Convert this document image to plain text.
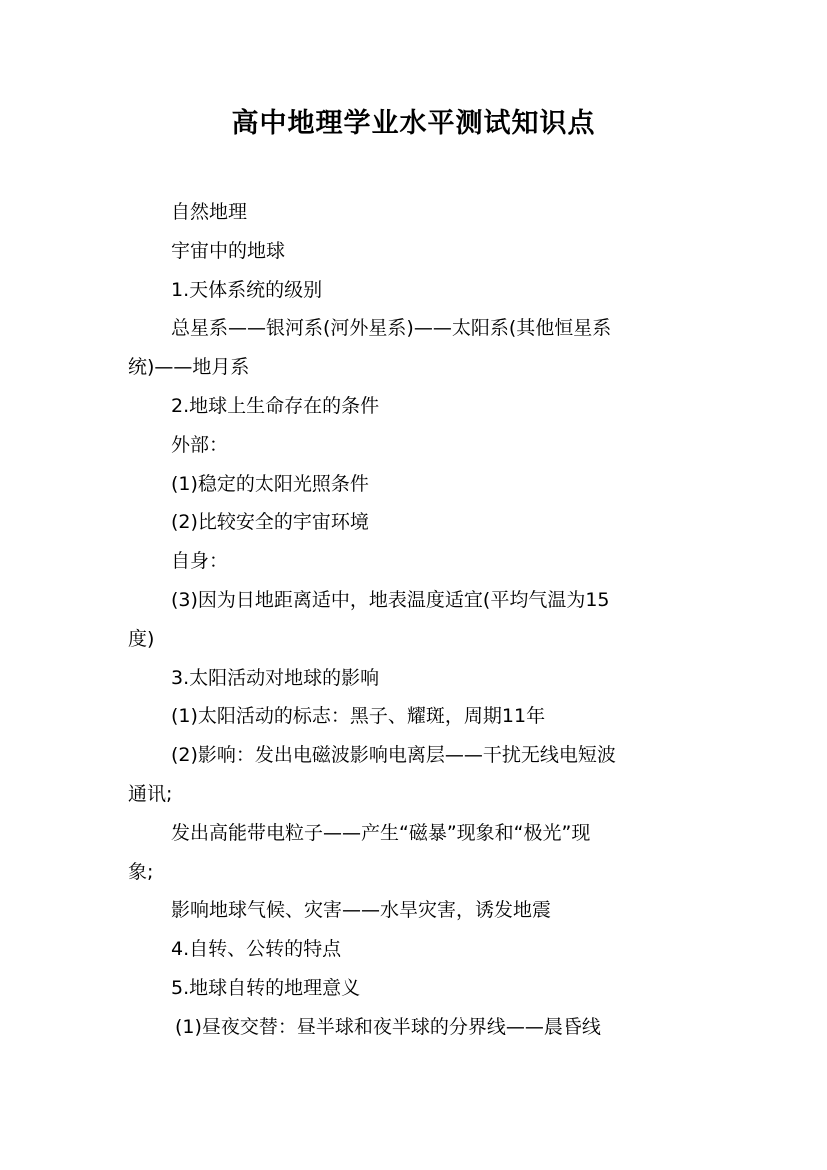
高中地理学业水平测试知识点

自然地理

宇宙中的地球

1.天体系统的级别

总星系——银河系(河外星系)——太阳系(其他恒星系

统)——地月系

2.地球上生命存在的条件

外部：

(1)稳定的太阳光照条件

(2)比较安全的宇宙环境

自身：

(3)因为日地距离适中，地表温度适宜(平均气温为15

度)

3.太阳活动对地球的影响

(1)太阳活动的标志：黑子、耀斑，周期11年

(2)影响：发出电磁波影响电离层——干扰无线电短波

通讯;

发出高能带电粒子——产生“磁暴”现象和“极光”现

象;

影响地球气候、灾害——水旱灾害，诱发地震

4.自转、公转的特点

5.地球自转的地理意义

(1)昼夜交替：昼半球和夜半球的分界线——晨昏线
